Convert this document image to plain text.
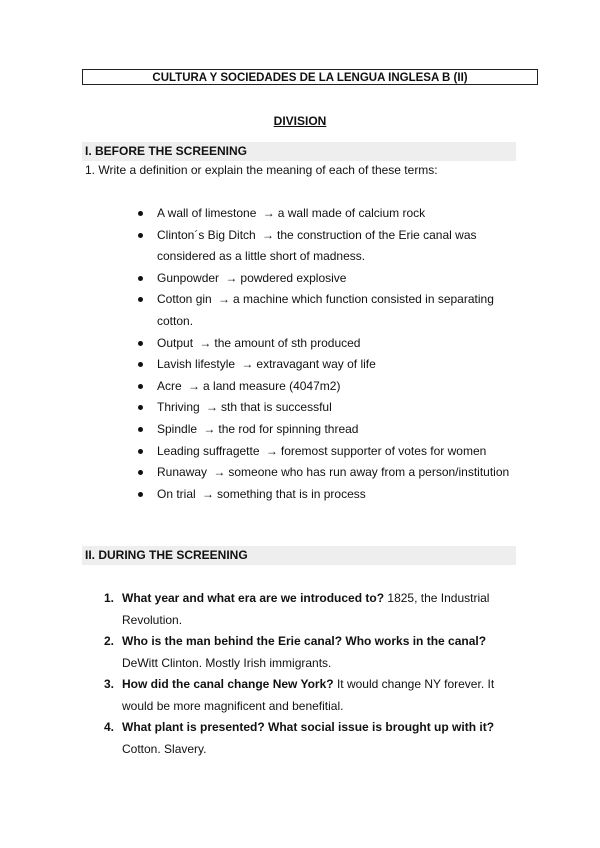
CULTURA Y SOCIEDADES DE LA LENGUA INGLESA B (II)
DIVISION
I. BEFORE THE SCREENING
1. Write a definition or explain the meaning of each of these terms:
A wall of limestone → a wall made of calcium rock
Clinton´s Big Ditch → the construction of the Erie canal was considered as a little short of madness.
Gunpowder → powdered explosive
Cotton gin → a machine which function consisted in separating cotton.
Output → the amount of sth produced
Lavish lifestyle → extravagant way of life
Acre → a land measure (4047m2)
Thriving → sth that is successful
Spindle → the rod for spinning thread
Leading suffragette → foremost supporter of votes for women
Runaway → someone who has run away from a person/institution
On trial → something that is in process
II. DURING THE SCREENING
1. What year and what era are we introduced to? 1825, the Industrial Revolution.
2. Who is the man behind the Erie canal? Who works in the canal? DeWitt Clinton. Mostly Irish immigrants.
3. How did the canal change New York? It would change NY forever. It would be more magnificent and benefitial.
4. What plant is presented? What social issue is brought up with it? Cotton. Slavery.
